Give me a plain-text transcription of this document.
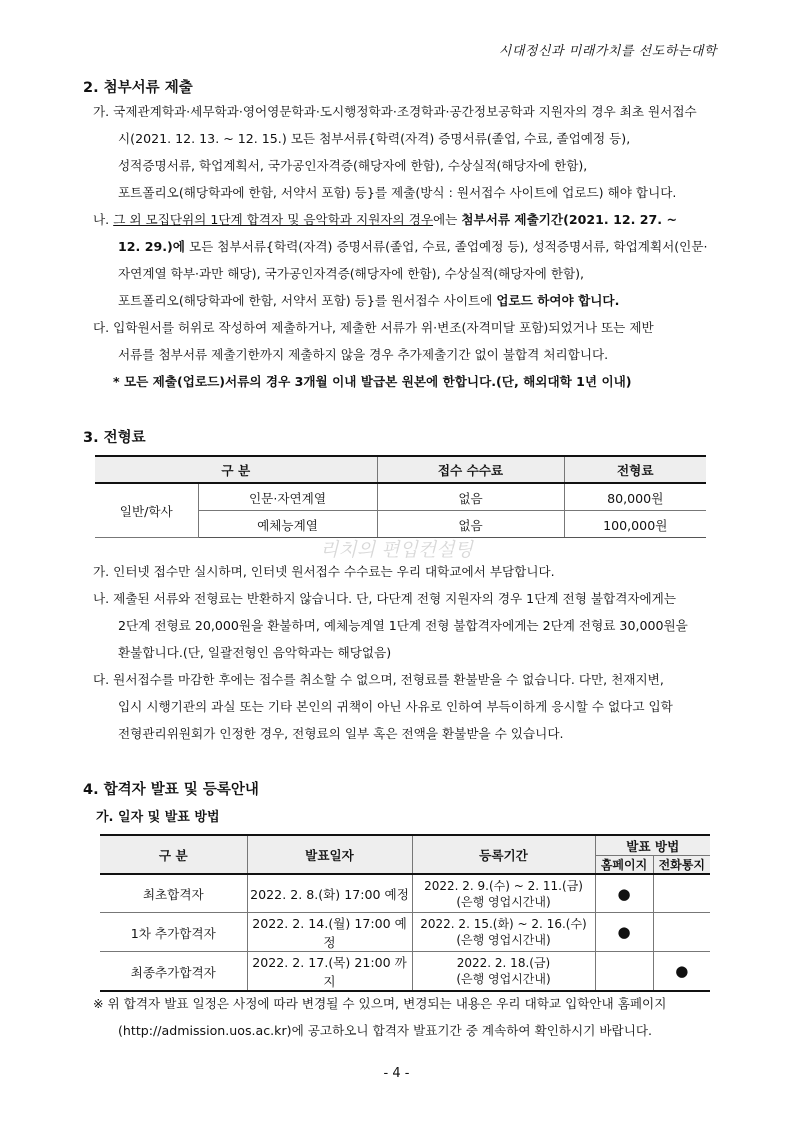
시대정신과 미래가치를 선도하는대학
2. 첨부서류 제출
가. 국제관계학과·세무학과·영어영문학과·도시행정학과·조경학과·공간정보공학과 지원자의 경우 최초 원서접수
시(2021. 12. 13. ~ 12. 15.) 모든 첨부서류{학력(자격) 증명서류(졸업, 수료, 졸업예정 등),
성적증명서류, 학업계획서, 국가공인자격증(해당자에 한함), 수상실적(해당자에 한함),
포트폴리오(해당학과에 한함, 서약서 포함) 등}를 제출(방식 : 원서접수 사이트에 업로드) 해야 합니다.
나. 그 외 모집단위의 1단계 합격자 및 음악학과 지원자의 경우에는 첨부서류 제출기간(2021. 12. 27. ~
12. 29.)에 모든 첨부서류{학력(자격) 증명서류(졸업, 수료, 졸업예정 등), 성적증명서류, 학업계획서(인문·
자연계열 학부·과만 해당), 국가공인자격증(해당자에 한함), 수상실적(해당자에 한함),
포트폴리오(해당학과에 한함, 서약서 포함) 등}를 원서접수 사이트에 업로드 하여야 합니다.
다. 입학원서를 허위로 작성하여 제출하거나, 제출한 서류가 위·변조(자격미달 포함)되었거나 또는 제반
서류를 첨부서류 제출기한까지 제출하지 않을 경우 추가제출기간 없이 불합격 처리합니다.
* 모든 제출(업로드)서류의 경우 3개월 이내 발급본 원본에 한합니다.(단, 해외대학 1년 이내)
3. 전형료
구 분		접수 수수료	전형료
일반/학사	인문·자연계열	없음	80,000원
	예체능계열	없음	100,000원
리치의 편입컨설팅
가. 인터넷 접수만 실시하며, 인터넷 원서접수 수수료는 우리 대학교에서 부담합니다.
나. 제출된 서류와 전형료는 반환하지 않습니다. 단, 다단계 전형 지원자의 경우 1단계 전형 불합격자에게는
2단계 전형료 20,000원을 환불하며, 예체능계열 1단계 전형 불합격자에게는 2단계 전형료 30,000원을
환불합니다.(단, 일괄전형인 음악학과는 해당없음)
다. 원서접수를 마감한 후에는 접수를 취소할 수 없으며, 전형료를 환불받을 수 없습니다. 다만, 천재지변,
입시 시행기관의 과실 또는 기타 본인의 귀책이 아닌 사유로 인하여 부득이하게 응시할 수 없다고 입학
전형관리위원회가 인정한 경우, 전형료의 일부 혹은 전액을 환불받을 수 있습니다.
4. 합격자 발표 및 등록안내
가. 일자 및 발표 방법
구 분	발표일자	등록기간	발표 방법	
			홈페이지	전화통지
최초합격자	2022. 2. 8.(화) 17:00 예정	2022. 2. 9.(수) ~ 2. 11.(금)
(은행 영업시간내)	●	
1차 추가합격자	2022. 2. 14.(월) 17:00 예정	2022. 2. 15.(화) ~ 2. 16.(수)
(은행 영업시간내)	●	
최종추가합격자	2022. 2. 17.(목) 21:00 까지	2022. 2. 18.(금)
(은행 영업시간내)		●
※ 위 합격자 발표 일정은 사정에 따라 변경될 수 있으며, 변경되는 내용은 우리 대학교 입학안내 홈페이지
(http://admission.uos.ac.kr)에 공고하오니 합격자 발표기간 중 계속하여 확인하시기 바랍니다.
- 4 -
